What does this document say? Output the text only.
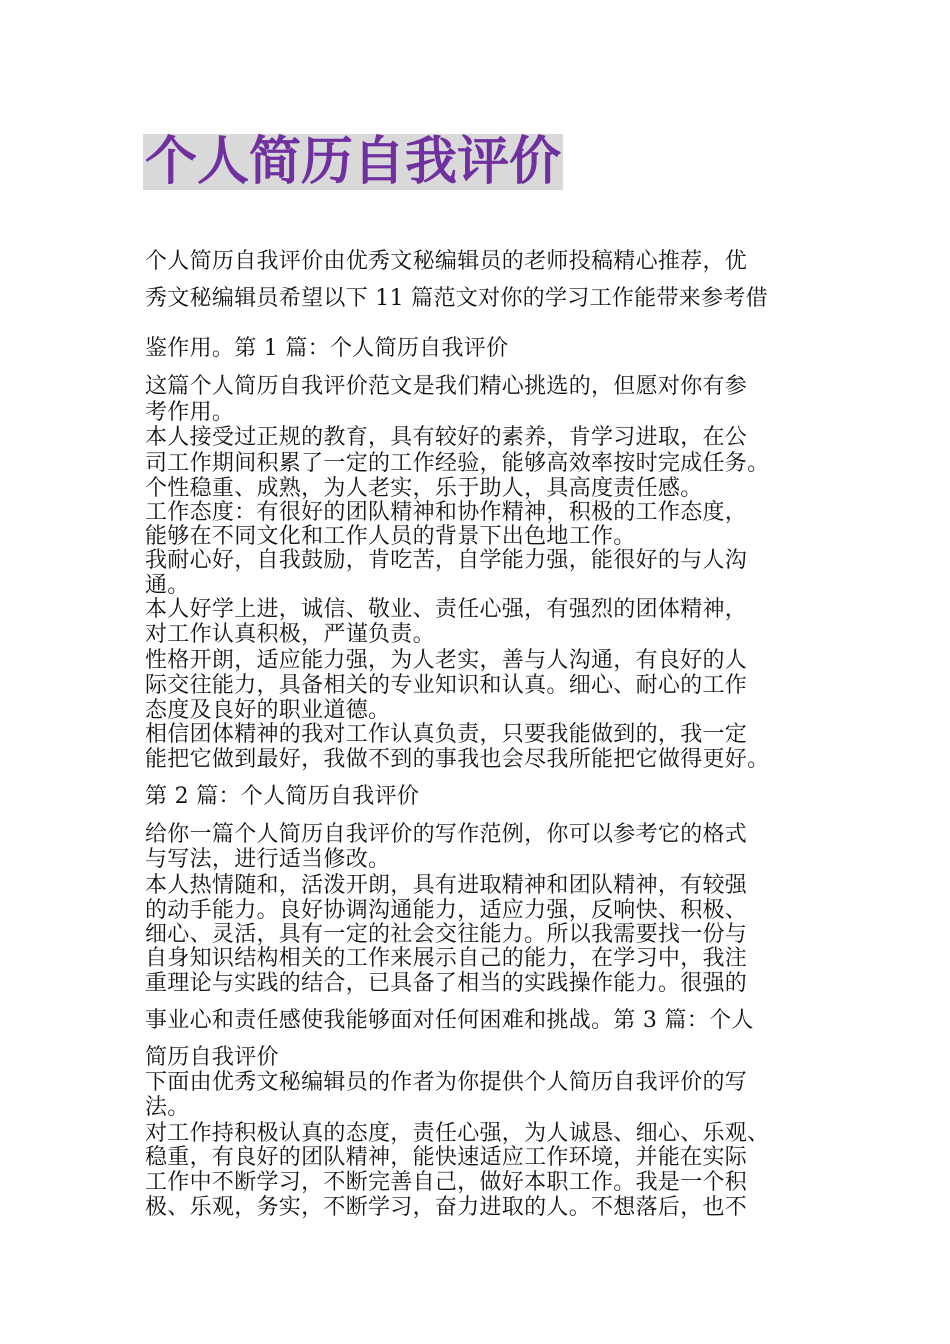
个人简历自我评价
个人简历自我评价由优秀文秘编辑员的老师投稿精心推荐，优
秀文秘编辑员希望以下 11 篇范文对你的学习工作能带来参考借
鉴作用。第 1 篇：个人简历自我评价
这篇个人简历自我评价范文是我们精心挑选的，但愿对你有参
考作用。
本人接受过正规的教育，具有较好的素养，肯学习进取，在公
司工作期间积累了一定的工作经验，能够高效率按时完成任务。
个性稳重、成熟，为人老实，乐于助人，具高度责任感。
工作态度：有很好的团队精神和协作精神，积极的工作态度，
能够在不同文化和工作人员的背景下出色地工作。
我耐心好，自我鼓励，肯吃苦，自学能力强，能很好的与人沟
通。
本人好学上进，诚信、敬业、责任心强，有强烈的团体精神，
对工作认真积极，严谨负责。
性格开朗，适应能力强，为人老实，善与人沟通，有良好的人
际交往能力，具备相关的专业知识和认真。细心、耐心的工作
态度及良好的职业道德。
相信团体精神的我对工作认真负责，只要我能做到的，我一定
能把它做到最好，我做不到的事我也会尽我所能把它做得更好。
第 2 篇：个人简历自我评价
给你一篇个人简历自我评价的写作范例，你可以参考它的格式
与写法，进行适当修改。
本人热情随和，活泼开朗，具有进取精神和团队精神，有较强
的动手能力。良好协调沟通能力，适应力强，反响快、积极、
细心、灵活，具有一定的社会交往能力。所以我需要找一份与
自身知识结构相关的工作来展示自己的能力，在学习中，我注
重理论与实践的结合，已具备了相当的实践操作能力。很强的
事业心和责任感使我能够面对任何困难和挑战。第 3 篇：个人
简历自我评价
下面由优秀文秘编辑员的作者为你提供个人简历自我评价的写
法。
对工作持积极认真的态度，责任心强，为人诚恳、细心、乐观、
稳重，有良好的团队精神，能快速适应工作环境，并能在实际
工作中不断学习，不断完善自己，做好本职工作。我是一个积
极、乐观，务实，不断学习，奋力进取的人。不想落后，也不
